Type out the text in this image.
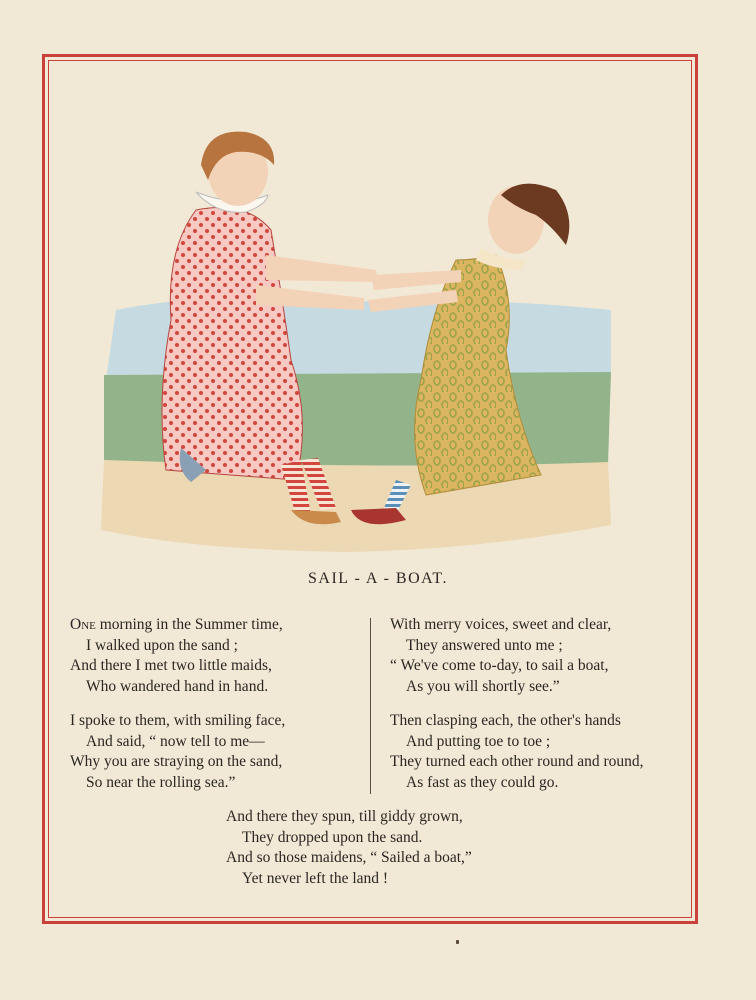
SAIL - A - BOAT.
One morning in the Summer time,
I walked upon the sand ;
And there I met two little maids,
Who wandered hand in hand.
I spoke to them, with smiling face,
And said, “ now tell to me—
Why you are straying on the sand,
So near the rolling sea.”
With merry voices, sweet and clear,
They answered unto me ;
“ We've come to-day, to sail a boat,
As you will shortly see.”
Then clasping each, the other's hands
And putting toe to toe ;
They turned each other round and round,
As fast as they could go.
And there they spun, till giddy grown,
They dropped upon the sand.
And so those maidens, “ Sailed a boat,”
Yet never left the land !
